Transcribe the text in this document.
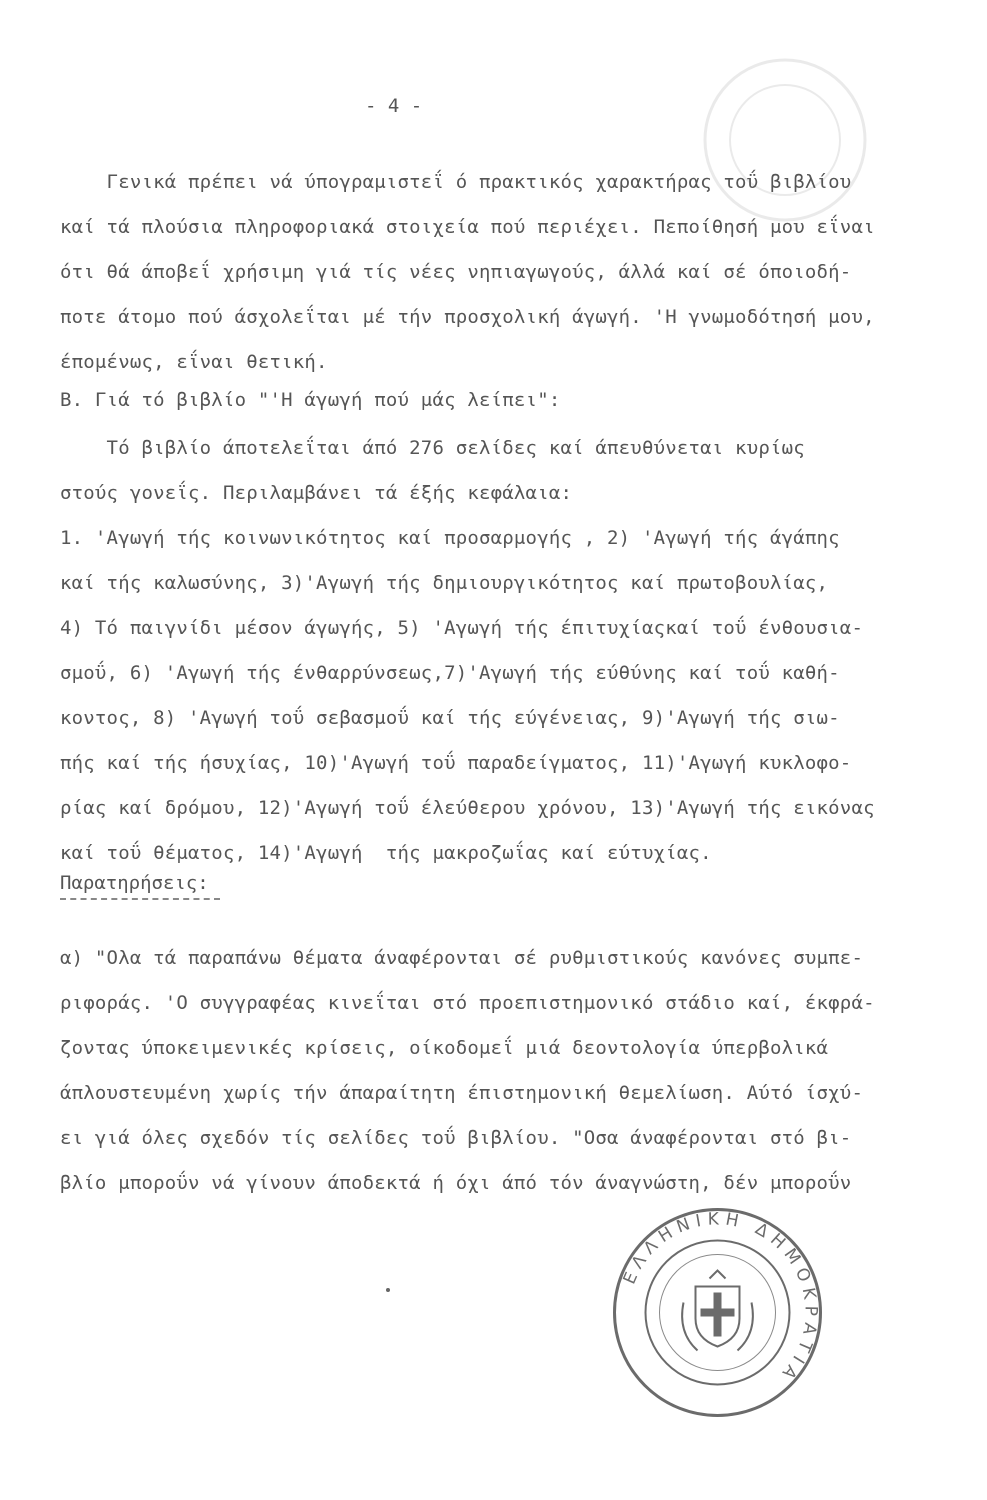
- 4 -
Γενικά πρέπει νά ύπογραμιστεΐ ό πρακτικός χαρακτήρας τοΰ βιβλίου
καί τά πλούσια πληροφοριακά στοιχεία πού περιέχει. Πεποίθησή μου εΐναι
ότι θά άποβεΐ χρήσιμη γιά τίς νέες νηπιαγωγούς, άλλά καί σέ όποιοδή-
ποτε άτομο πού άσχολεΐται μέ τήν προσχολική άγωγή. 'Η γνωμοδότησή μου,
έπομένως, εΐναι θετική.
Β. Γιά τό βιβλίο "'Η άγωγή πού μάς λείπει":
Τό βιβλίο άποτελεΐται άπό 276 σελίδες καί άπευθύνεται κυρίως
στούς γονεΐς. Περιλαμβάνει τά έξής κεφάλαια:
1. 'Αγωγή τής κοινωνικότητος καί προσαρμογής , 2) 'Αγωγή τής άγάπης
καί τής καλωσύνης, 3)'Αγωγή τής δημιουργικότητος καί πρωτοβουλίας,
4) Τό παιγνίδι μέσον άγωγής, 5) 'Αγωγή τής έπιτυχίαςκαί τοΰ ένθουσια-
σμοΰ, 6) 'Αγωγή τής ένθαρρύνσεως,7)'Αγωγή τής εύθύνης καί τοΰ καθή-
κοντος, 8) 'Αγωγή τοΰ σεβασμοΰ καί τής εύγένειας, 9)'Αγωγή τής σιω-
πής καί τής ήσυχίας, 10)'Αγωγή τοΰ παραδείγματος, 11)'Αγωγή κυκλοφο-
ρίας καί δρόμου, 12)'Αγωγή τοΰ έλεύθερου χρόνου, 13)'Αγωγή τής εικόνας
καί τοΰ θέματος, 14)'Αγωγή  τής μακροζωΐας καί εύτυχίας.
Παρατηρήσεις:
α) "Ολα τά παραπάνω θέματα άναφέρονται σέ ρυθμιστικούς κανόνες συμπε-
ριφοράς. 'Ο συγγραφέας κινεΐται στό προεπιστημονικό στάδιο καί, έκφρά-
ζοντας ύποκειμενικές κρίσεις, οίκοδομεΐ μιά δεοντολογία ύπερβολικά
άπλουστευμένη χωρίς τήν άπαραίτητη έπιστημονική θεμελίωση. Αύτό ίσχύ-
ει γιά όλες σχεδόν τίς σελίδες τοΰ βιβλίου. "Οσα άναφέρονται στό βι-
βλίο μποροΰν νά γίνουν άποδεκτά ή όχι άπό τόν άναγνώστη, δέν μποροΰν
ΕΛΛΗΝΙΚΗ ΔΗΜΟΚΡΑΤΙΑ
